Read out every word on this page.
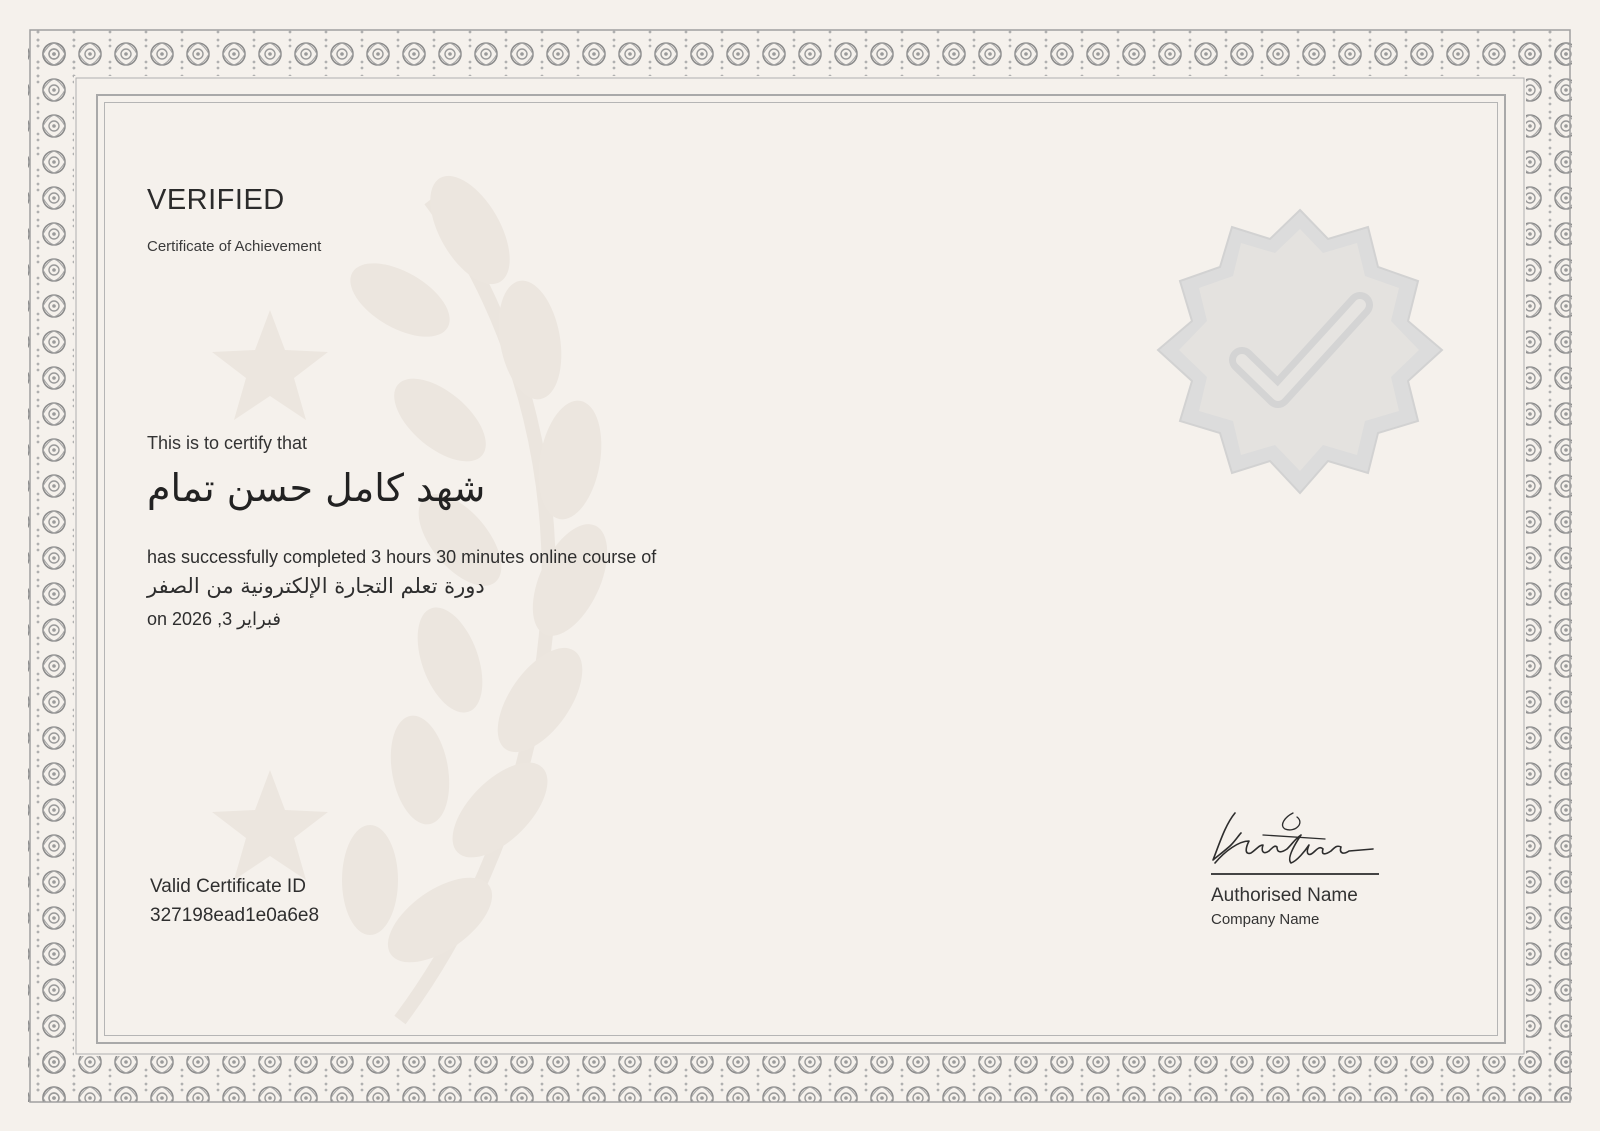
VERIFIED
Certificate of Achievement
This is to certify that
شهد كامل حسن تمام
has successfully completed 3 hours 30 minutes online course of
دورة تعلم التجارة الإلكترونية من الصفر
on 2026 ,3 فبراير
Valid Certificate ID
327198ead1e0a6e8
Authorised Name
Company Name
